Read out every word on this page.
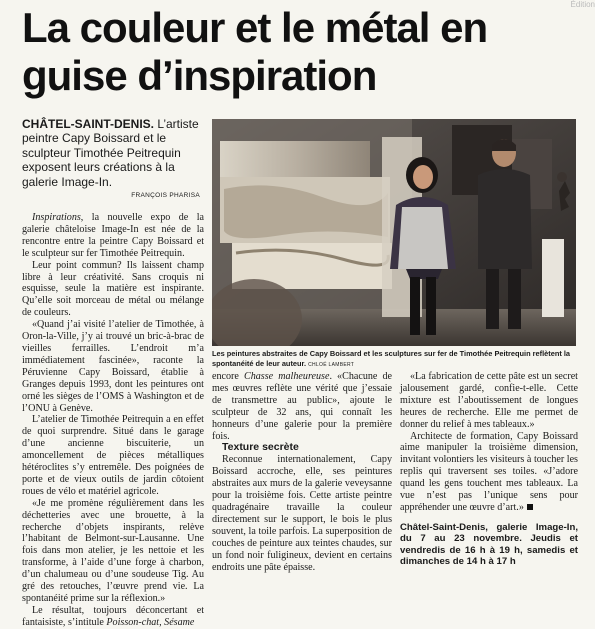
Édition
La couleur et le métal en guise d’inspiration

CHÂTEL-SAINT-DENIS. L’artiste peintre Capy Boissard et le sculpteur Timothée Peitrequin exposent leurs créations à la galerie Image-In.

FRANÇOIS PHARISA

Les peintures abstraites de Capy Boissard et les sculptures sur fer de Timothée Peitrequin reflètent la spontanéité de leur auteur. CHLOÉ LAMBERT

Inspirations, la nouvelle expo de la galerie châteloise Image-In est née de la rencontre entre la peintre Capy Boissard et le sculpteur sur fer Timothée Peitrequin.

Leur point commun? Ils laissent champ libre à leur créativité. Sans croquis ni esquisse, seule la matière est inspirante. Qu’elle soit morceau de métal ou mélange de couleurs.

«Quand j’ai visité l’atelier de Timothée, à Oron-la-Ville, j’y ai trouvé un bric-à-brac de vieilles ferrailles. L’endroit m’a immédiatement fascinée», raconte la Péruvienne Capy Boissard, établie à Granges depuis 1993, dont les peintures ont orné les sièges de l’OMS à Washington et de l’ONU à Genève.

L’atelier de Timothée Peitrequin a en effet de quoi surprendre. Situé dans le garage d’une ancienne biscuiterie, un amoncellement de pièces métalliques hétéroclites s’y entremêle. Des poignées de porte et de vieux outils de jardin côtoient roues de vélo et matériel agricole.

«Je me promène régulièrement dans les déchetteries avec une brouette, à la recherche d’objets inspirants, relève l’habitant de Belmont-sur-Lausanne. Une fois dans mon atelier, je les nettoie et les transforme, à l’aide d’une forge à charbon, d’un chalumeau ou d’une soudeuse Tig. Au gré des retouches, l’œuvre prend vie. La spontanéité prime sur la réflexion.»

Le résultat, toujours déconcertant et fantaisiste, s’intitule Poisson-chat, Sésame

encore Chasse malheureuse. «Chacune de mes œuvres reflète une vérité que j’essaie de transmettre au public», ajoute le sculpteur de 32 ans, qui connaît les honneurs d’une galerie pour la première fois.

Texture secrète

Reconnue internationalement, Capy Boissard accroche, elle, ses peintures abstraites aux murs de la galerie veveysanne pour la troisième fois. Cette artiste peintre quadragénaire travaille la couleur directement sur le support, le bois le plus souvent, la toile parfois. La superposition de couches de peinture aux teintes chaudes, sur un fond noir fuligineux, devient en certains endroits une pâte épaisse.

«La fabrication de cette pâte est un secret jalousement gardé, confie-t-elle. Cette mixture est l’aboutissement de longues heures de recherche. Elle me permet de donner du relief à mes tableaux.»

Architecte de formation, Capy Boissard aime manipuler la troisième dimension, invitant volontiers les visiteurs à toucher les replis qui traversent ses toiles. «J’adore quand les gens touchent mes tableaux. La vue n’est pas l’unique sens pour appréhender une œuvre d’art.»

Châtel-Saint-Denis, galerie Image-In, du 7 au 23 novembre. Jeudis et vendredis de 16 h à 19 h, samedis et dimanches de 14 h à 17 h
